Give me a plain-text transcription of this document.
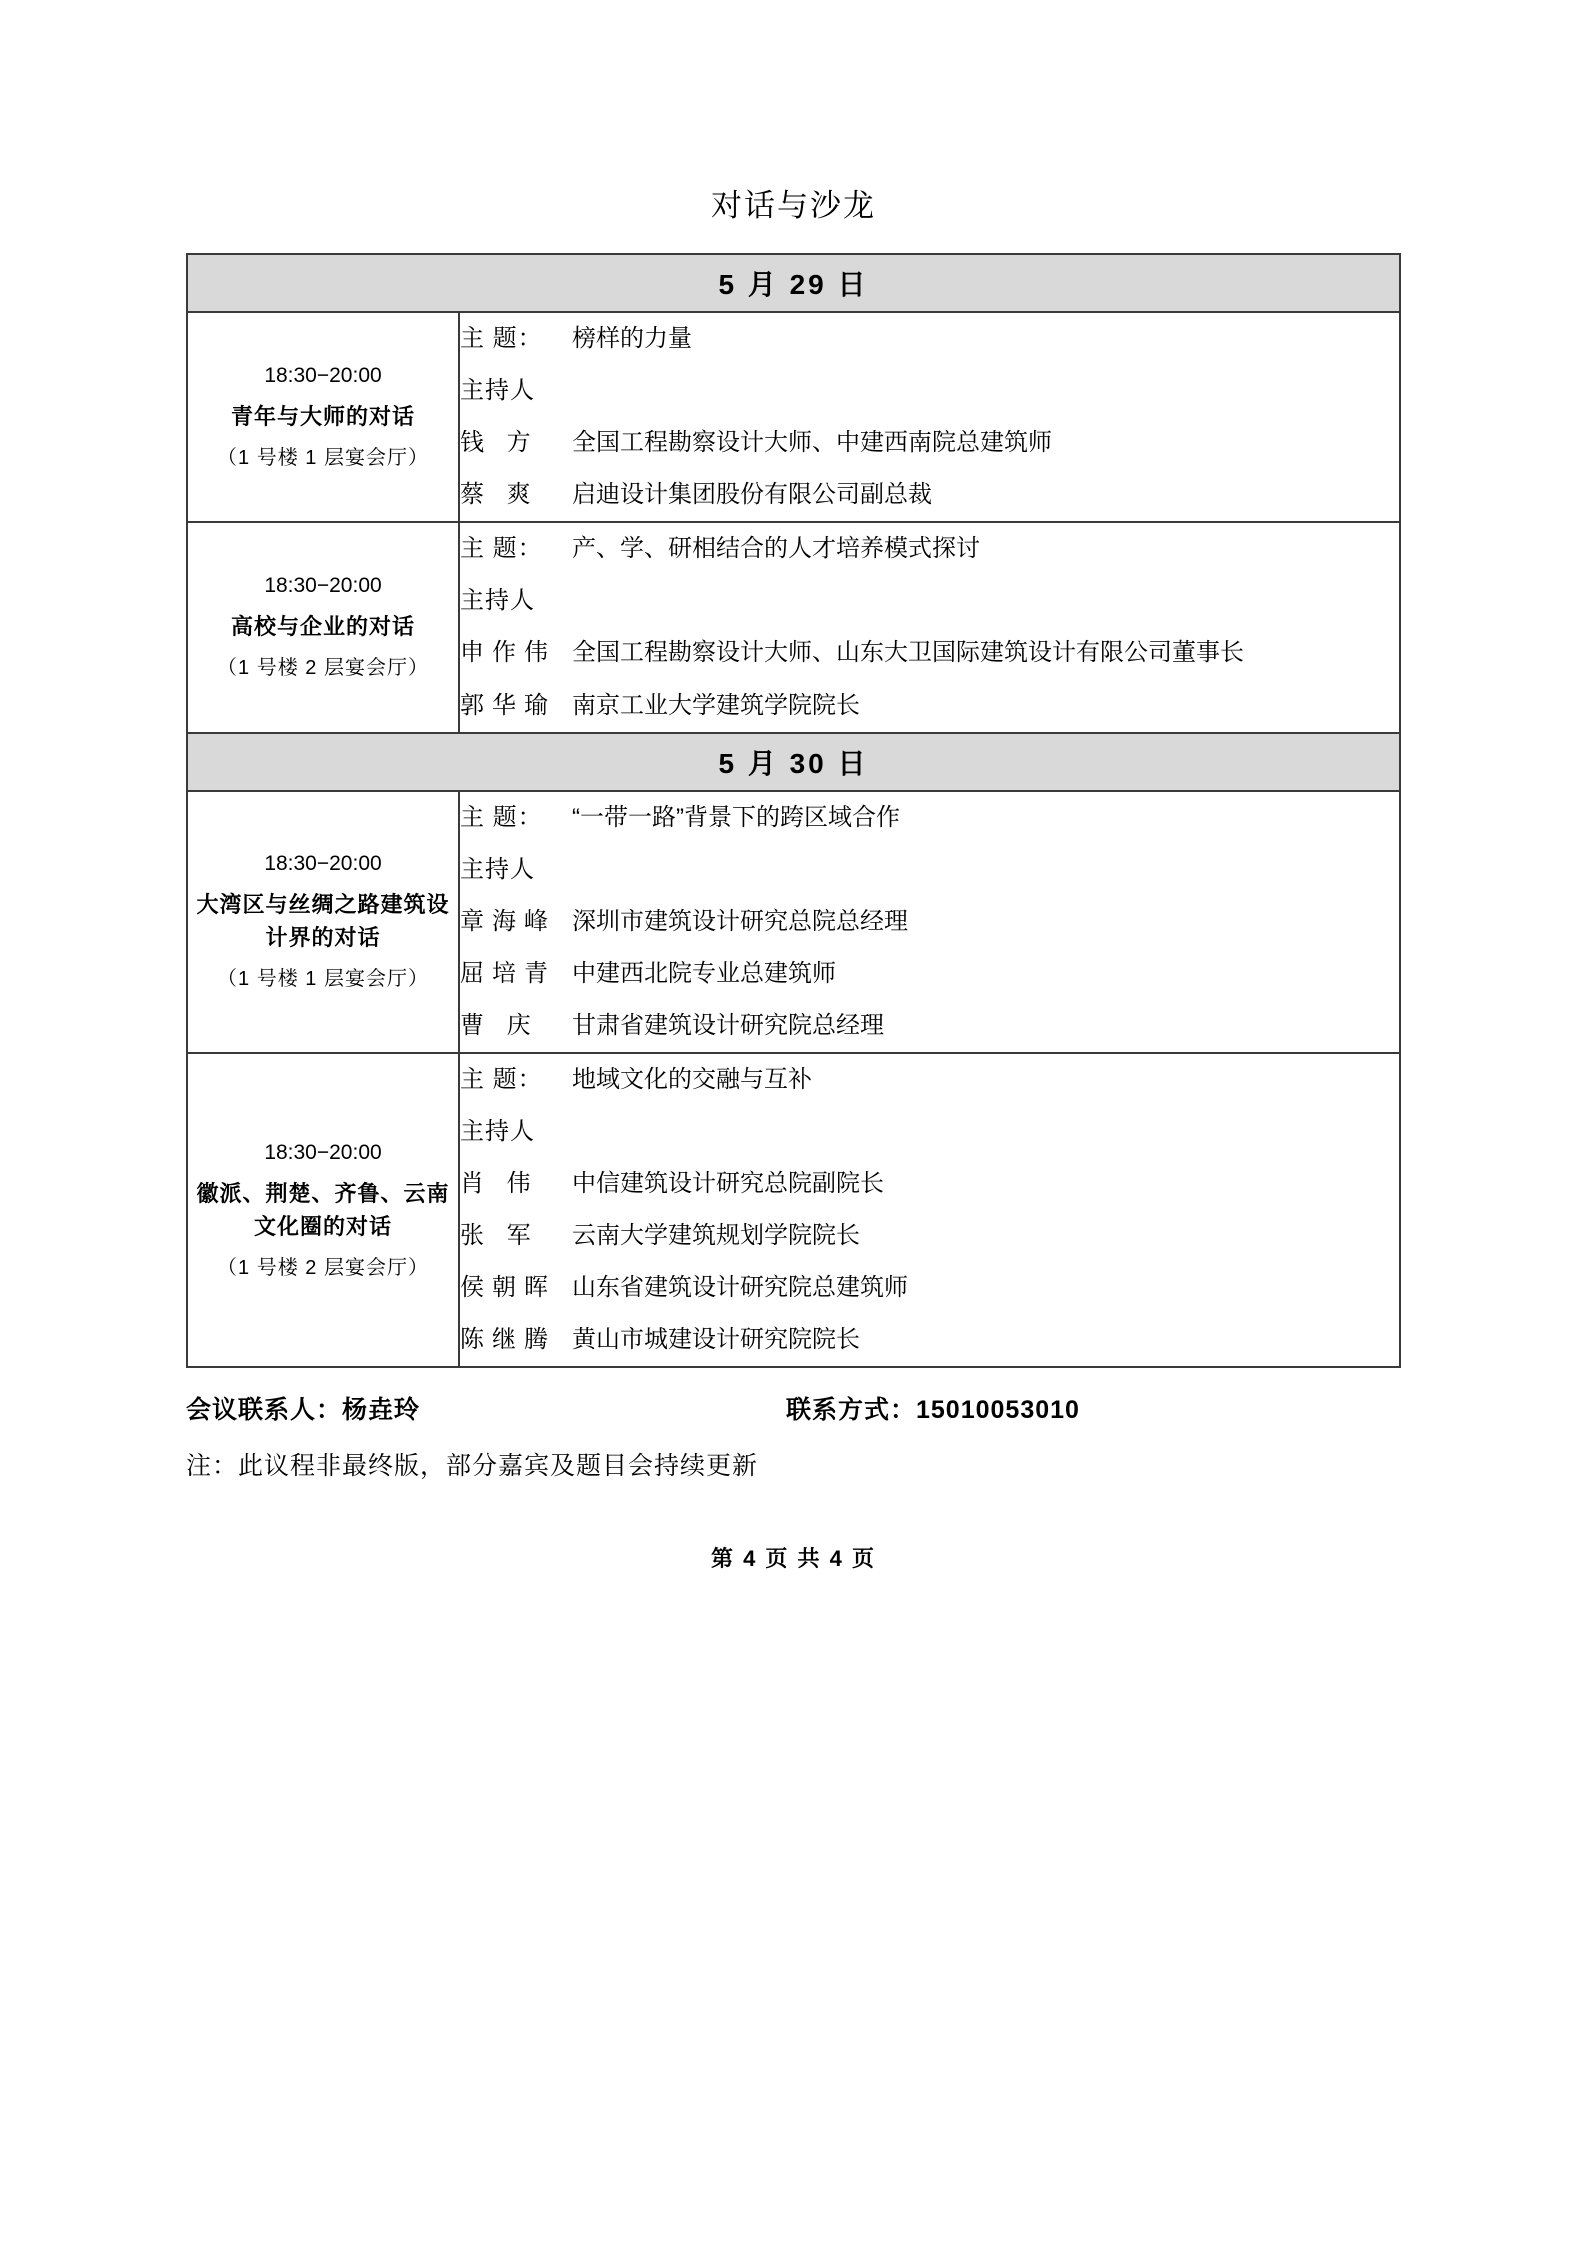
对话与沙龙
5 月 29 日	

18:30−20:00
青年与大师的对话
（1 号楼 1 层宴会厅）

主 题：	榜样的力量
主持人
钱 方	全国工程勘察设计大师、中建西南院总建筑师
蔡 爽	启迪设计集团股份有限公司副总裁

18:30−20:00
高校与企业的对话
（1 号楼 2 层宴会厅）

主 题：	产、学、研相结合的人才培养模式探讨
主持人
申作伟 全国工程勘察设计大师、山东大卫国际建筑设计有限公司董事长
郭华瑜 南京工业大学建筑学院院长

5 月 30 日	

18:30−20:00
大湾区与丝绸之路建筑设计界的对话
（1 号楼 1 层宴会厅）

主 题：	“一带一路”背景下的跨区域合作
主持人
章海峰 深圳市建筑设计研究总院总经理
屈培青 中建西北院专业总建筑师
曹 庆	甘肃省建筑设计研究院总经理

18:30−20:00
徽派、荆楚、齐鲁、云南文化圈的对话
（1 号楼 2 层宴会厅）

主 题：	地域文化的交融与互补
主持人
肖 伟	中信建筑设计研究总院副院长
张 军	云南大学建筑规划学院院长
侯朝晖 山东省建筑设计研究院总建筑师
陈继腾 黄山市城建设计研究院院长
会议联系人：杨垚玲	联系方式：15010053010
注：此议程非最终版，部分嘉宾及题目会持续更新
第 4 页 共 4 页
